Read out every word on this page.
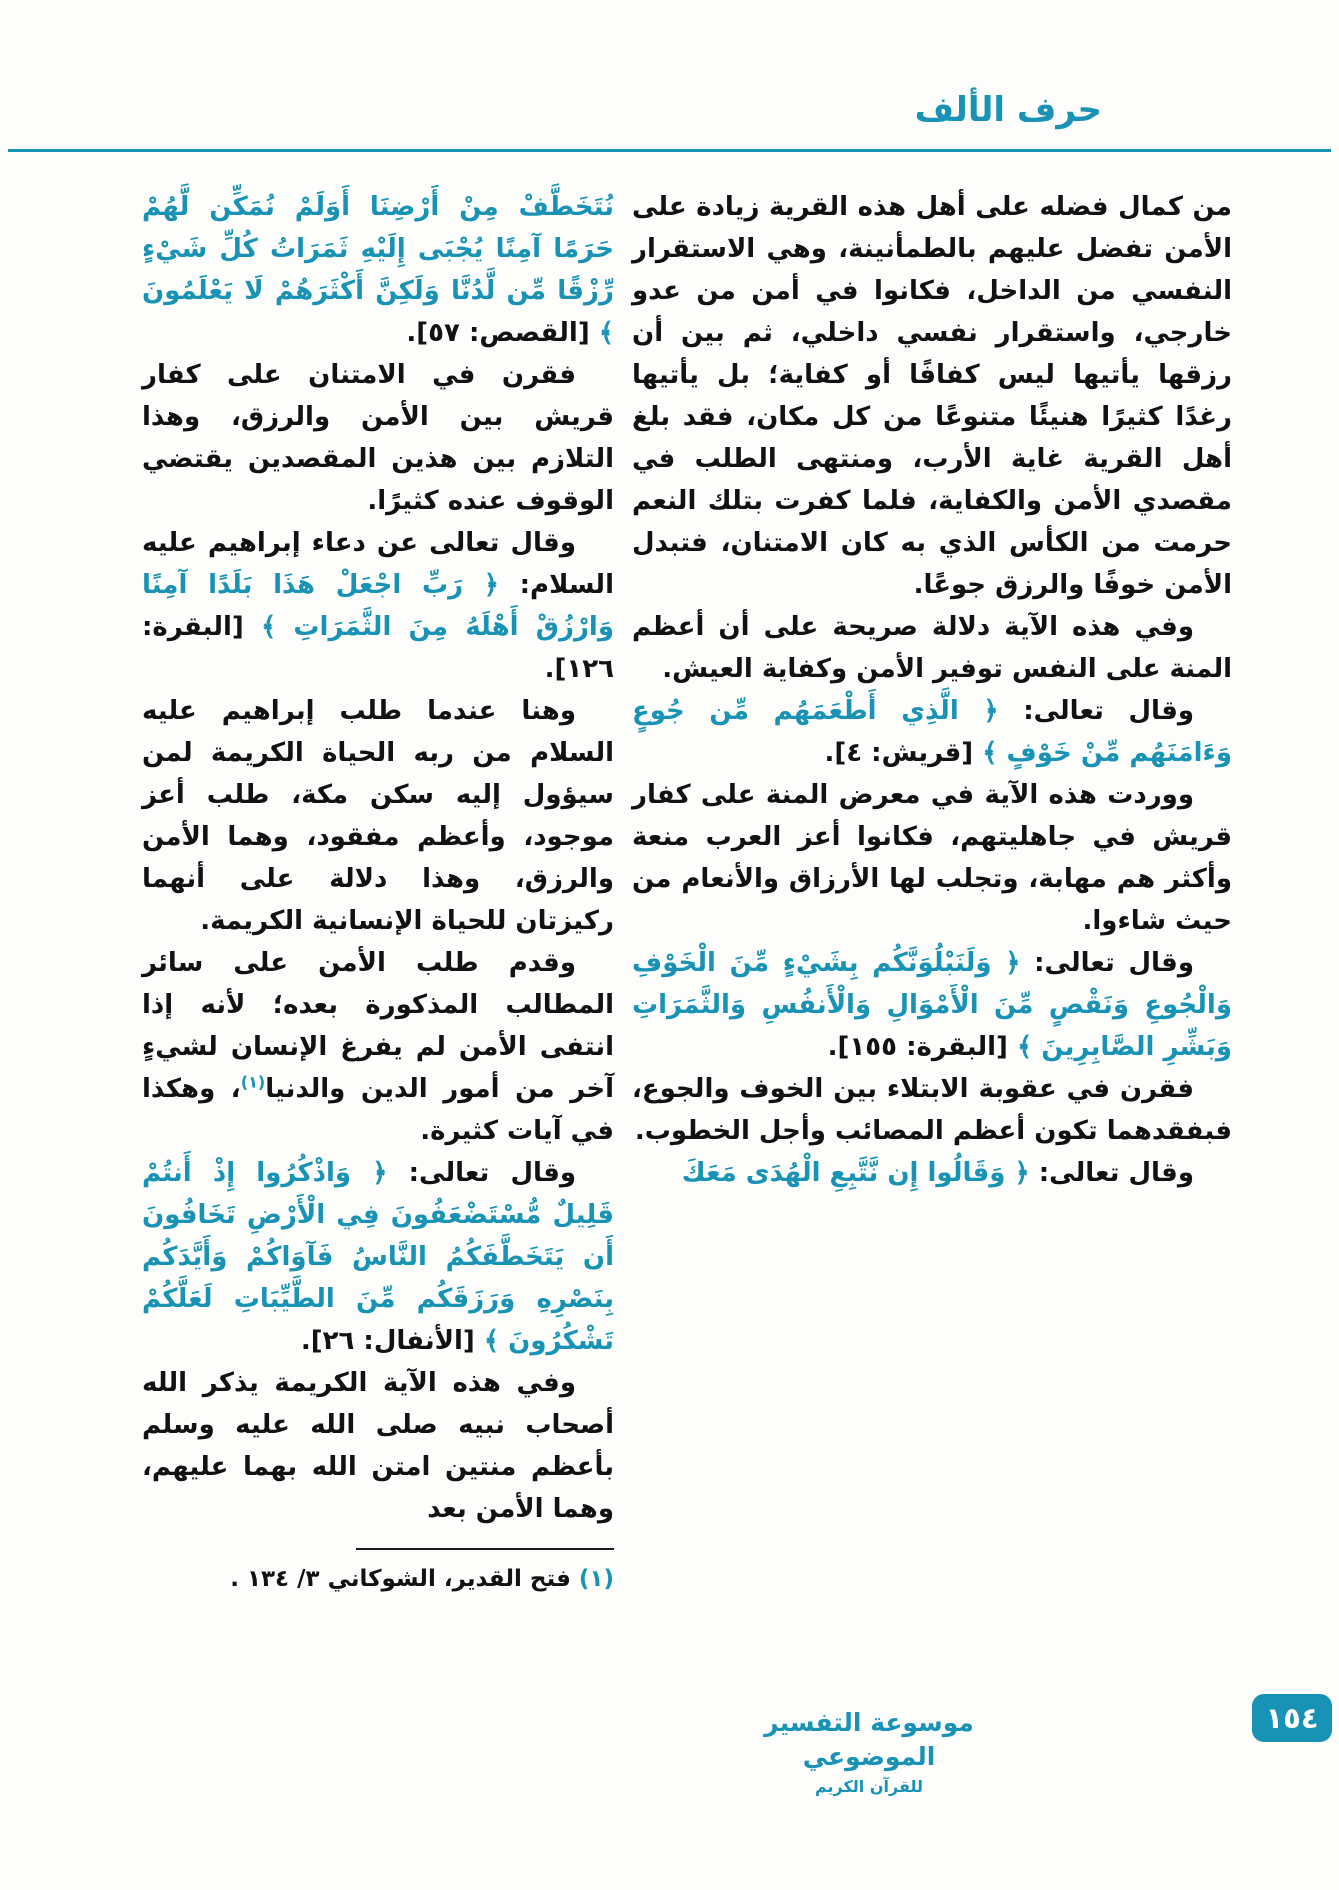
حرف الألف

من كمال فضله على أهل هذه القرية زيادة على الأمن تفضل عليهم بالطمأنينة، وهي الاستقرار النفسي من الداخل، فكانوا في أمن من عدو خارجي، واستقرار نفسي داخلي، ثم بين أن رزقها يأتيها ليس كفافًا أو كفاية؛ بل يأتيها رغدًا كثيرًا هنيئًا متنوعًا من كل مكان، فقد بلغ أهل القرية غاية الأرب، ومنتهى الطلب في مقصدي الأمن والكفاية، فلما كفرت بتلك النعم حرمت من الكأس الذي به كان الامتنان، فتبدل الأمن خوفًا والرزق جوعًا.

وفي هذه الآية دلالة صريحة على أن أعظم المنة على النفس توفير الأمن وكفاية العيش.

وقال تعالى: ﴿ الَّذِي أَطْعَمَهُم مِّن جُوعٍ وَءَامَنَهُم مِّنْ خَوْفٍ ﴾ [قريش: ٤].

ووردت هذه الآية في معرض المنة على كفار قريش في جاهليتهم، فكانوا أعز العرب منعة وأكثر هم مهابة، وتجلب لها الأرزاق والأنعام من حيث شاءوا.

وقال تعالى: ﴿ وَلَنَبْلُوَنَّكُم بِشَيْءٍ مِّنَ الْخَوْفِ وَالْجُوعِ وَنَقْصٍ مِّنَ الْأَمْوَالِ وَالْأَنفُسِ وَالثَّمَرَاتِ وَبَشِّرِ الصَّابِرِينَ ﴾ [البقرة: ١٥٥].

فقرن في عقوبة الابتلاء بين الخوف والجوع، فبفقدهما تكون أعظم المصائب وأجل الخطوب.

وقال تعالى: ﴿ وَقَالُوا إِن نَّتَّبِعِ الْهُدَى مَعَكَ

نُتَخَطَّفْ مِنْ أَرْضِنَا أَوَلَمْ نُمَكِّن لَّهُمْ حَرَمًا آمِنًا يُجْبَى إِلَيْهِ ثَمَرَاتُ كُلِّ شَيْءٍ رِّزْقًا مِّن لَّدُنَّا وَلَكِنَّ أَكْثَرَهُمْ لَا يَعْلَمُونَ ﴾ [القصص: ٥٧].

فقرن في الامتنان على كفار قريش بين الأمن والرزق، وهذا التلازم بين هذين المقصدين يقتضي الوقوف عنده كثيرًا.

وقال تعالى عن دعاء إبراهيم عليه السلام: ﴿ رَبِّ اجْعَلْ هَذَا بَلَدًا آمِنًا وَارْزُقْ أَهْلَهُ مِنَ الثَّمَرَاتِ ﴾ [البقرة: ١٢٦].

وهنا عندما طلب إبراهيم عليه السلام من ربه الحياة الكريمة لمن سيؤول إليه سكن مكة، طلب أعز موجود، وأعظم مفقود، وهما الأمن والرزق، وهذا دلالة على أنهما ركيزتان للحياة الإنسانية الكريمة.

وقدم طلب الأمن على سائر المطالب المذكورة بعده؛ لأنه إذا انتفى الأمن لم يفرغ الإنسان لشيءٍ آخر من أمور الدين والدنيا$^{(١)}$، وهكذا في آيات كثيرة.

وقال تعالى: ﴿ وَاذْكُرُوا إِذْ أَنتُمْ قَلِيلٌ مُّسْتَضْعَفُونَ فِي الْأَرْضِ تَخَافُونَ أَن يَتَخَطَّفَكُمُ النَّاسُ فَآوَاكُمْ وَأَيَّدَكُم بِنَصْرِهِ وَرَزَقَكُم مِّنَ الطَّيِّبَاتِ لَعَلَّكُمْ تَشْكُرُونَ ﴾ [الأنفال: ٢٦].

وفي هذه الآية الكريمة يذكر الله أصحاب نبيه صلى الله عليه وسلم بأعظم منتين امتن الله بهما عليهم، وهما الأمن بعد

(١)فتح القدير، الشوكاني ٣/ ١٣٤ .
موسوعة التفسير الموضوعي
للقرآن الكريم
١٥٤
